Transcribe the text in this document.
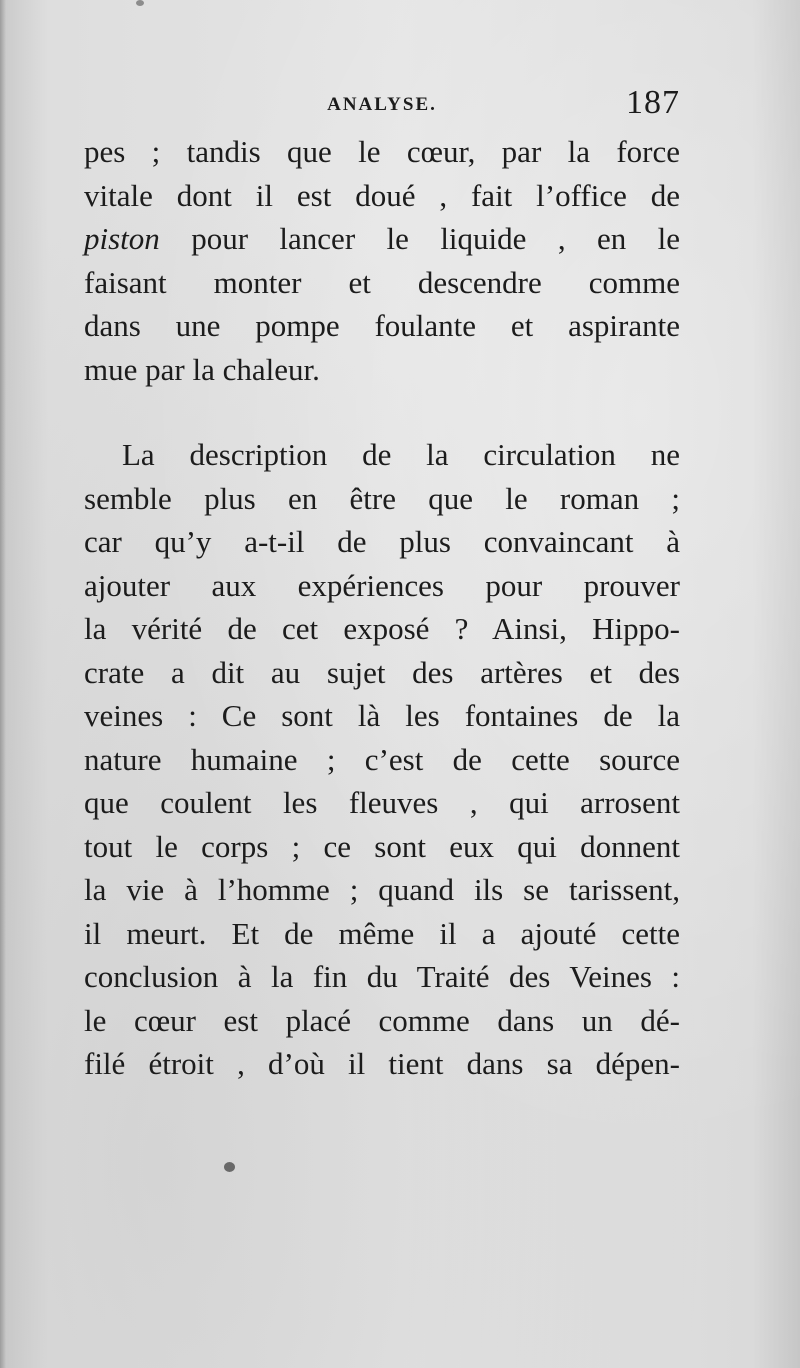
ANALYSE.	187
pes ; tandis que le cœur, par la force
vitale dont il est doué , fait l’office de
piston pour lancer le liquide , en le
faisant monter et descendre comme
dans une pompe foulante et aspirante
mue par la chaleur.
La description de la circulation ne
semble plus en être que le roman ;
car qu’y a-t-il de plus convaincant à
ajouter aux expériences pour prouver
la vérité de cet exposé ? Ainsi, Hippo-
crate a dit au sujet des artères et des
veines : Ce sont là les fontaines de la
nature humaine ; c’est de cette source
que coulent les fleuves , qui arrosent
tout le corps ; ce sont eux qui donnent
la vie à l’homme ; quand ils se tarissent,
il meurt. Et de même il a ajouté cette
conclusion à la fin du Traité des Veines :
le cœur est placé comme dans un dé-
filé étroit , d’où il tient dans sa dépen-
